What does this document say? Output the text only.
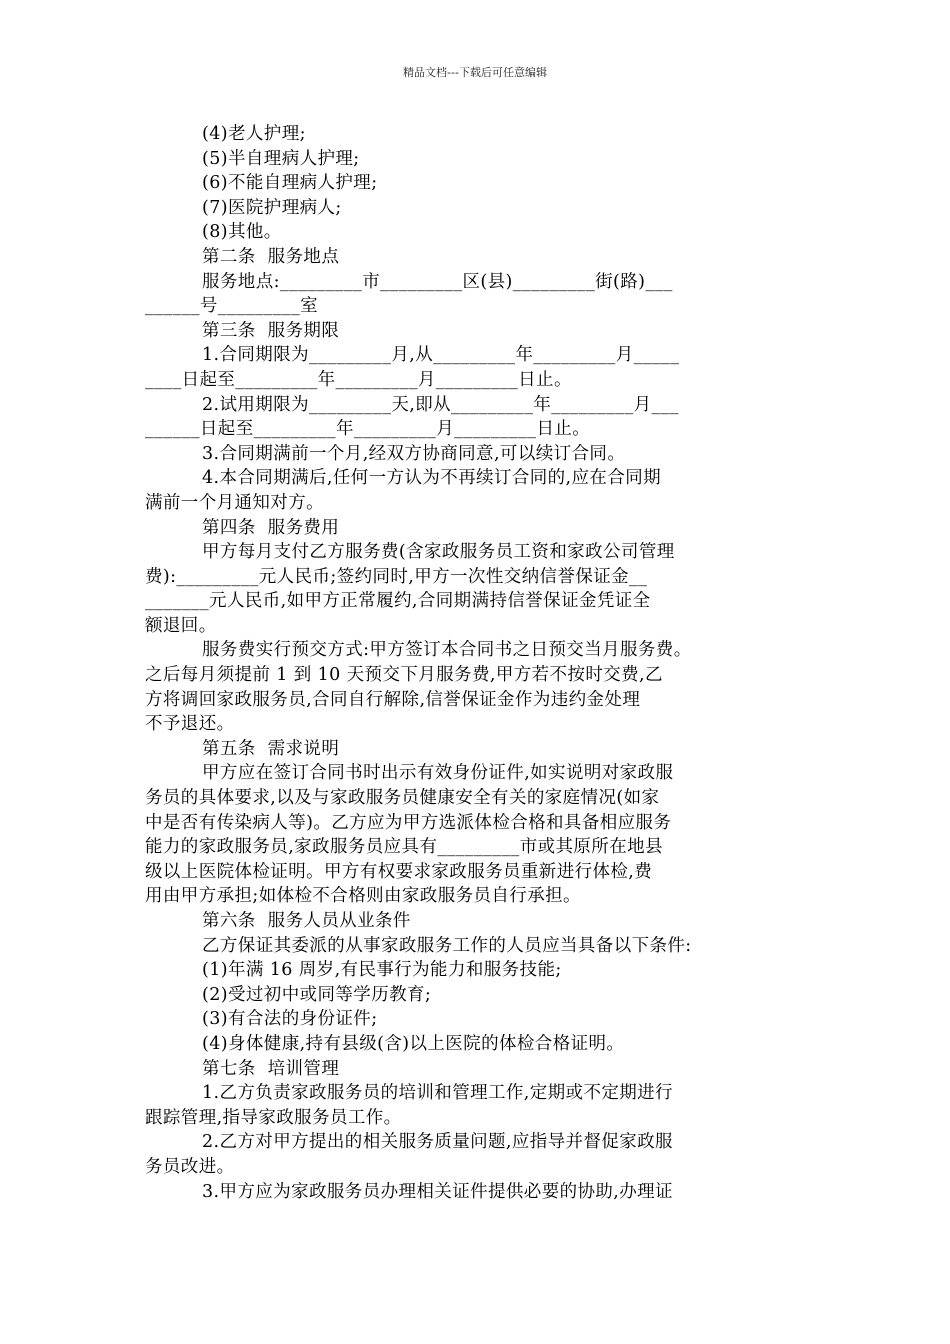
精品文档---下载后可任意编辑
(4)老人护理;
(5)半自理病人护理;
(6)不能自理病人护理;
(7)医院护理病人;
(8)其他。
第二条  服务地点
服务地点:_________市_________区(县)_________街(路)___
______号_________室
第三条  服务期限
1.合同期限为_________月,从_________年_________月_____
____日起至_________年_________月_________日止。
2.试用期限为_________天,即从_________年_________月___
______日起至_________年_________月_________日止。
3.合同期满前一个月,经双方协商同意,可以续订合同。
4.本合同期满后,任何一方认为不再续订合同的,应在合同期
满前一个月通知对方。
第四条  服务费用
甲方每月支付乙方服务费(含家政服务员工资和家政公司管理
费):_________元人民币;签约同时,甲方一次性交纳信誉保证金__
_______元人民币,如甲方正常履约,合同期满持信誉保证金凭证全
额退回。
服务费实行预交方式:甲方签订本合同书之日预交当月服务费。
之后每月须提前 1 到 10 天预交下月服务费,甲方若不按时交费,乙
方将调回家政服务员,合同自行解除,信誉保证金作为违约金处理
不予退还。
第五条  需求说明
甲方应在签订合同书时出示有效身份证件,如实说明对家政服
务员的具体要求,以及与家政服务员健康安全有关的家庭情况(如家
中是否有传染病人等)。乙方应为甲方选派体检合格和具备相应服务
能力的家政服务员,家政服务员应具有_________市或其原所在地县
级以上医院体检证明。甲方有权要求家政服务员重新进行体检,费
用由甲方承担;如体检不合格则由家政服务员自行承担。
第六条  服务人员从业条件
乙方保证其委派的从事家政服务工作的人员应当具备以下条件:
(1)年满 16 周岁,有民事行为能力和服务技能;
(2)受过初中或同等学历教育;
(3)有合法的身份证件;
(4)身体健康,持有县级(含)以上医院的体检合格证明。
第七条  培训管理
1.乙方负责家政服务员的培训和管理工作,定期或不定期进行
跟踪管理,指导家政服务员工作。
2.乙方对甲方提出的相关服务质量问题,应指导并督促家政服
务员改进。
3.甲方应为家政服务员办理相关证件提供必要的协助,办理证
